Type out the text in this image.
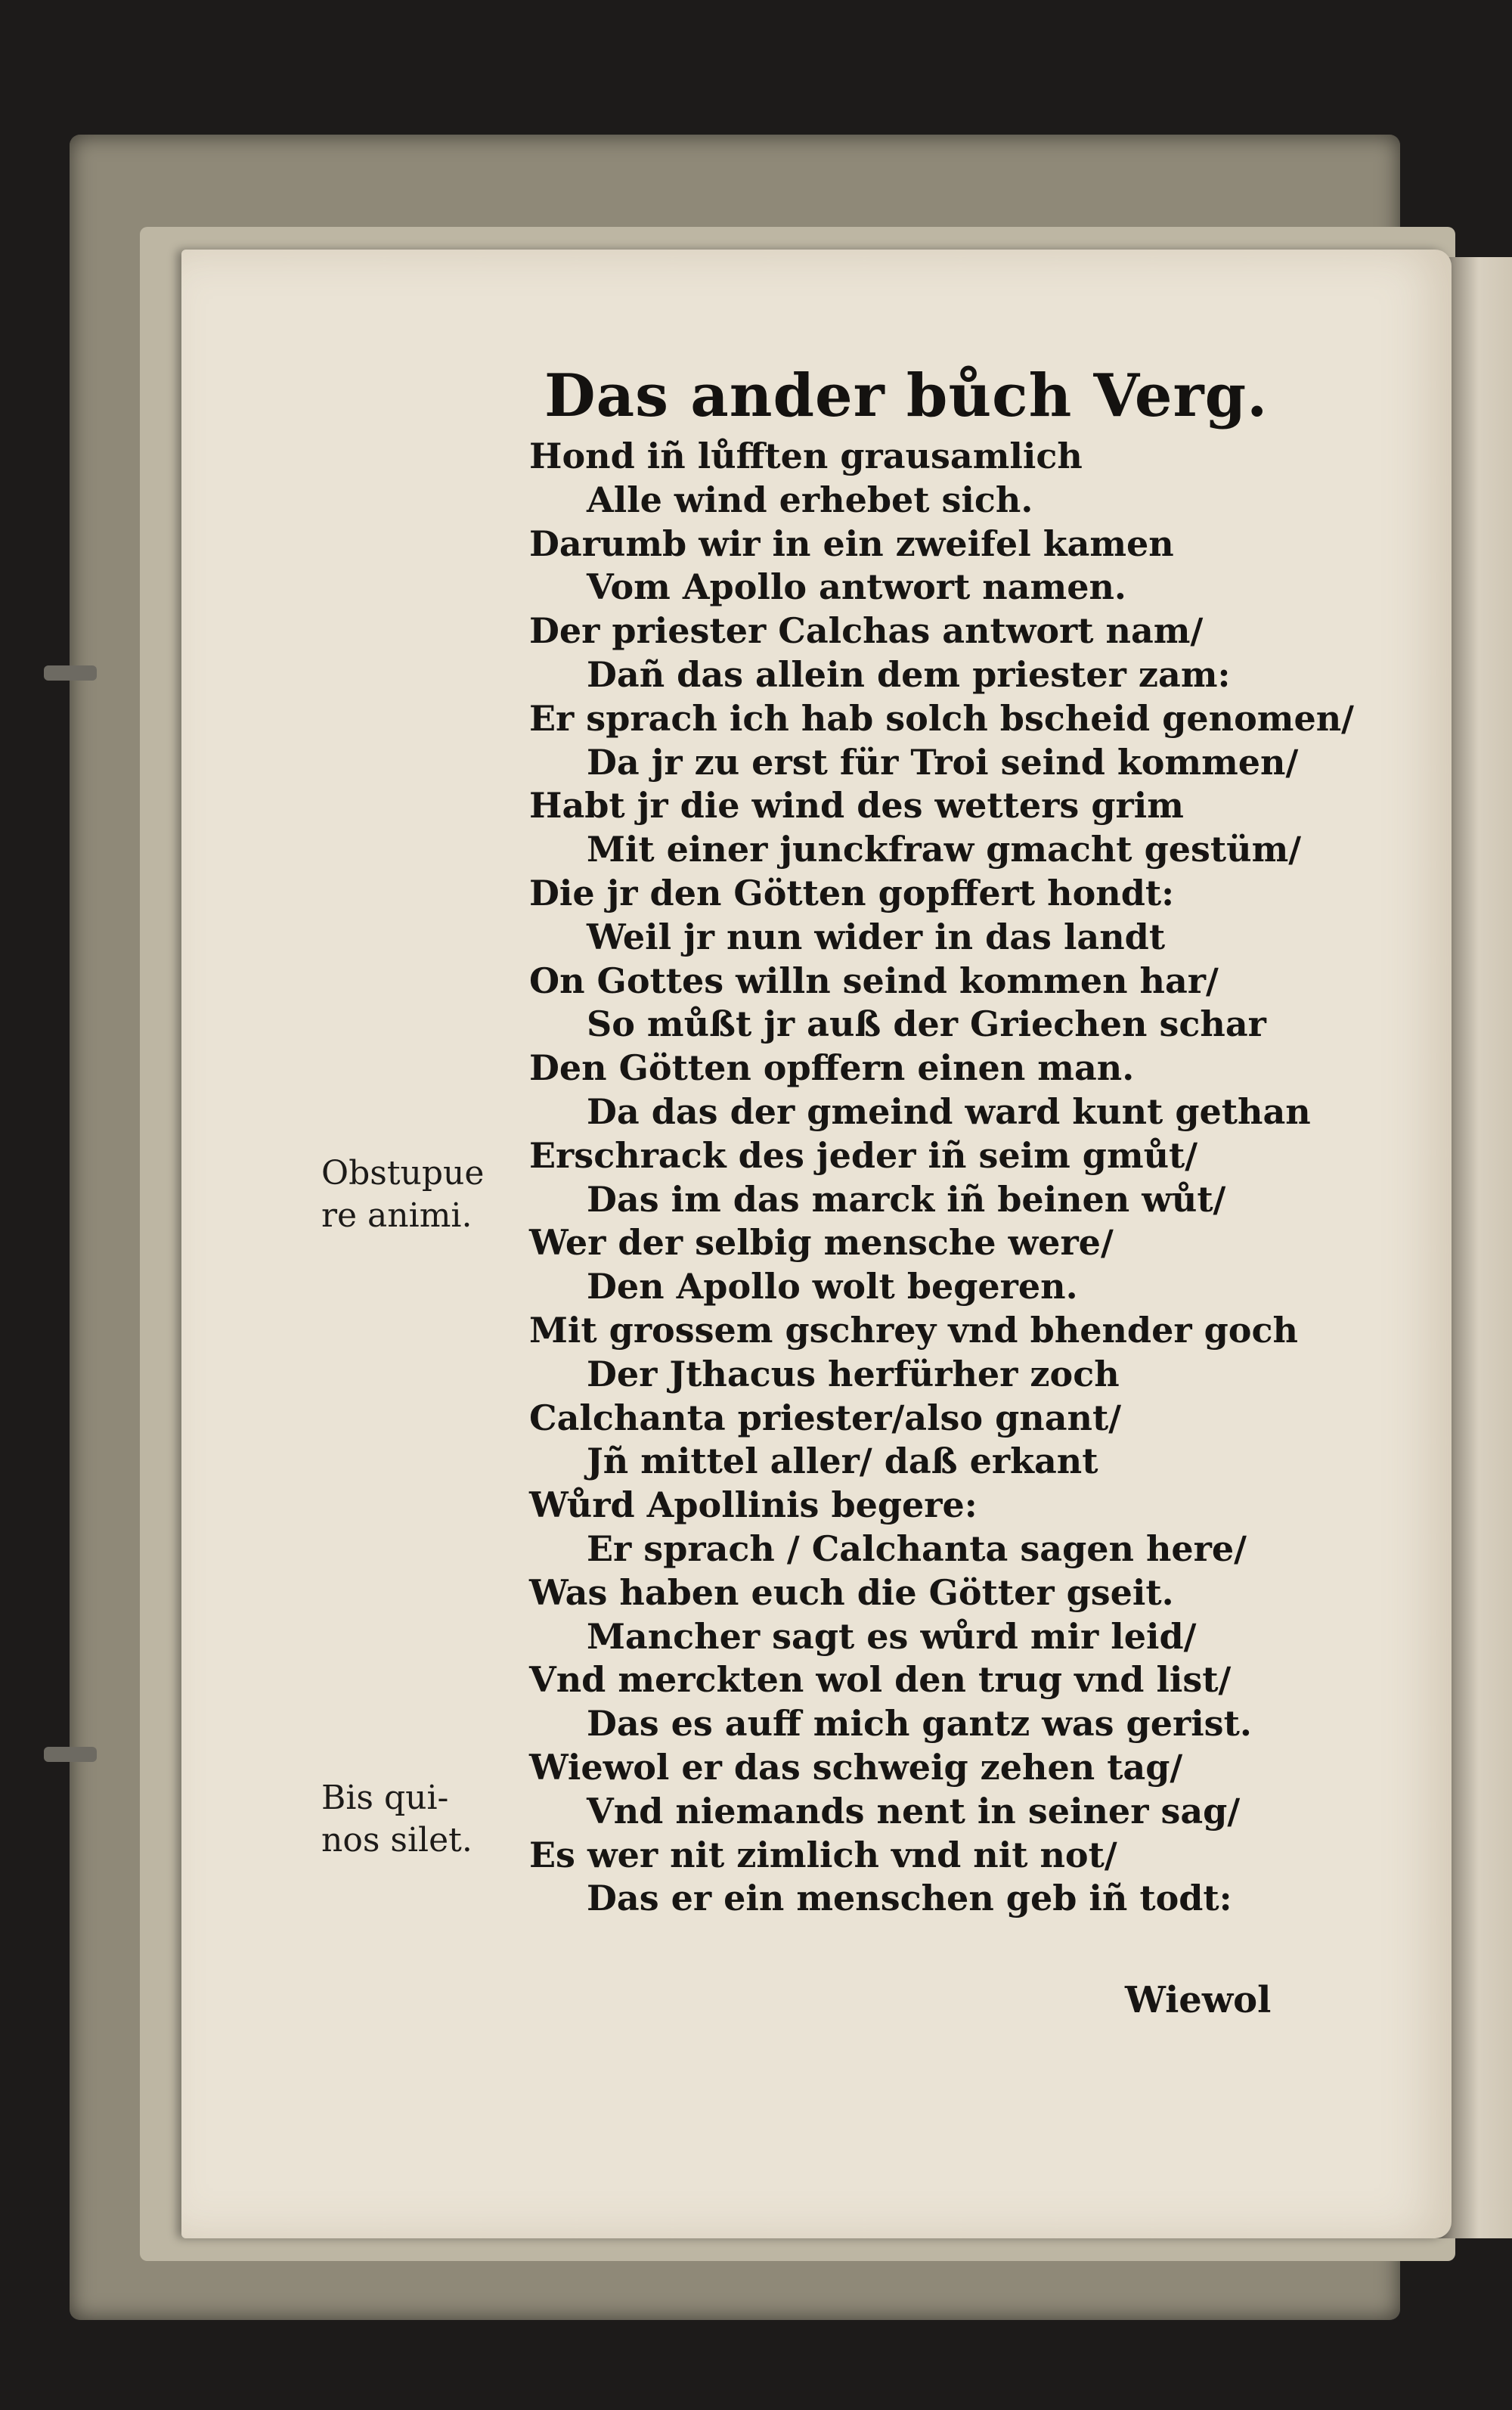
Das ander bůch Verg.
Hond iñ lůfften grausamlich
Alle wind erhebet sich.
Darumb wir in ein zweifel kamen
Vom Apollo antwort namen.
Der priester Calchas antwort nam/
Dañ das allein dem priester zam:
Er sprach ich hab solch bscheid genomen/
Da jr zu erst für Troi seind kommen/
Habt jr die wind des wetters grim
Mit einer junckfraw gmacht gestüm/
Die jr den Götten gopffert hondt:
Weil jr nun wider in das landt
On Gottes willn seind kommen har/
So můßt jr auß der Griechen schar
Den Götten opffern einen man.
Da das der gmeind ward kunt gethan
Erschrack des jeder iñ seim gmůt/
Das im das marck iñ beinen wůt/
Wer der selbig mensche were/
Den Apollo wolt begeren.
Mit grossem gschrey vnd bhender goch
Der Jthacus herfürher zoch
Calchanta priester/also gnant/
Jñ mittel aller/ daß erkant
Wůrd Apollinis begere:
Er sprach / Calchanta sagen here/
Was haben euch die Götter gseit.
Mancher sagt es wůrd mir leid/
Vnd merckten wol den trug vnd list/
Das es auff mich gantz was gerist.
Wiewol er das schweig zehen tag/
Vnd niemands nent in seiner sag/
Es wer nit zimlich vnd nit not/
Das er ein menschen geb iñ todt:
Obstupue
re animi.
Bis qui-
nos silet.
Wiewol
